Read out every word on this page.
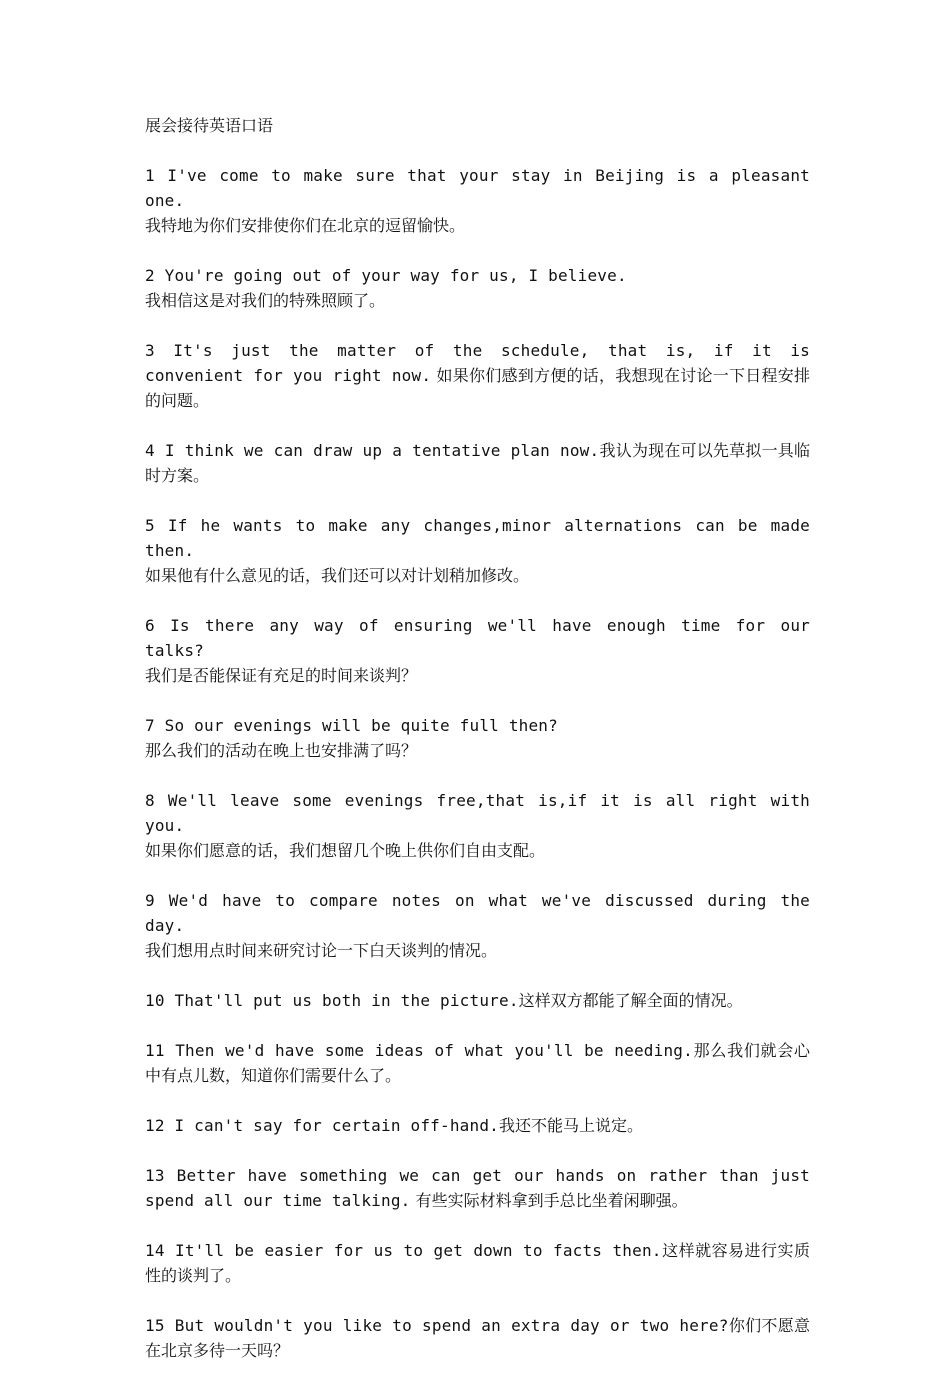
展会接待英语口语
1 I've come to make sure that your stay in Beijing is a pleasant one.
我特地为你们安排使你们在北京的逗留愉快。
2 You're going out of your way for us, I believe.
我相信这是对我们的特殊照顾了。
3 It's just the matter of the schedule, that is, if it is convenient for you right now. 如果你们感到方便的话，我想现在讨论一下日程安排的问题。
4 I think we can draw up a tentative plan now.我认为现在可以先草拟一具临时方案。
5 If he wants to make any changes,minor alternations can be made then.
如果他有什么意见的话，我们还可以对计划稍加修改。
6 Is there any way of ensuring we'll have enough time for our talks?
我们是否能保证有充足的时间来谈判？
7 So our evenings will be quite full then?
那么我们的活动在晚上也安排满了吗？
8 We'll leave some evenings free,that is,if it is all right with you.
如果你们愿意的话，我们想留几个晚上供你们自由支配。
9 We'd have to compare notes on what we've discussed during the day.
我们想用点时间来研究讨论一下白天谈判的情况。
10 That'll put us both in the picture.这样双方都能了解全面的情况。
11 Then we'd have some ideas of what you'll be needing.那么我们就会心中有点儿数，知道你们需要什么了。
12 I can't say for certain off-hand.我还不能马上说定。
13 Better have something we can get our hands on rather than just spend all our time talking. 有些实际材料拿到手总比坐着闲聊强。
14 It'll be easier for us to get down to facts then.这样就容易进行实质性的谈判了。
15 But wouldn't you like to spend an extra day or two here?你们不愿意在北京多待一天吗？
